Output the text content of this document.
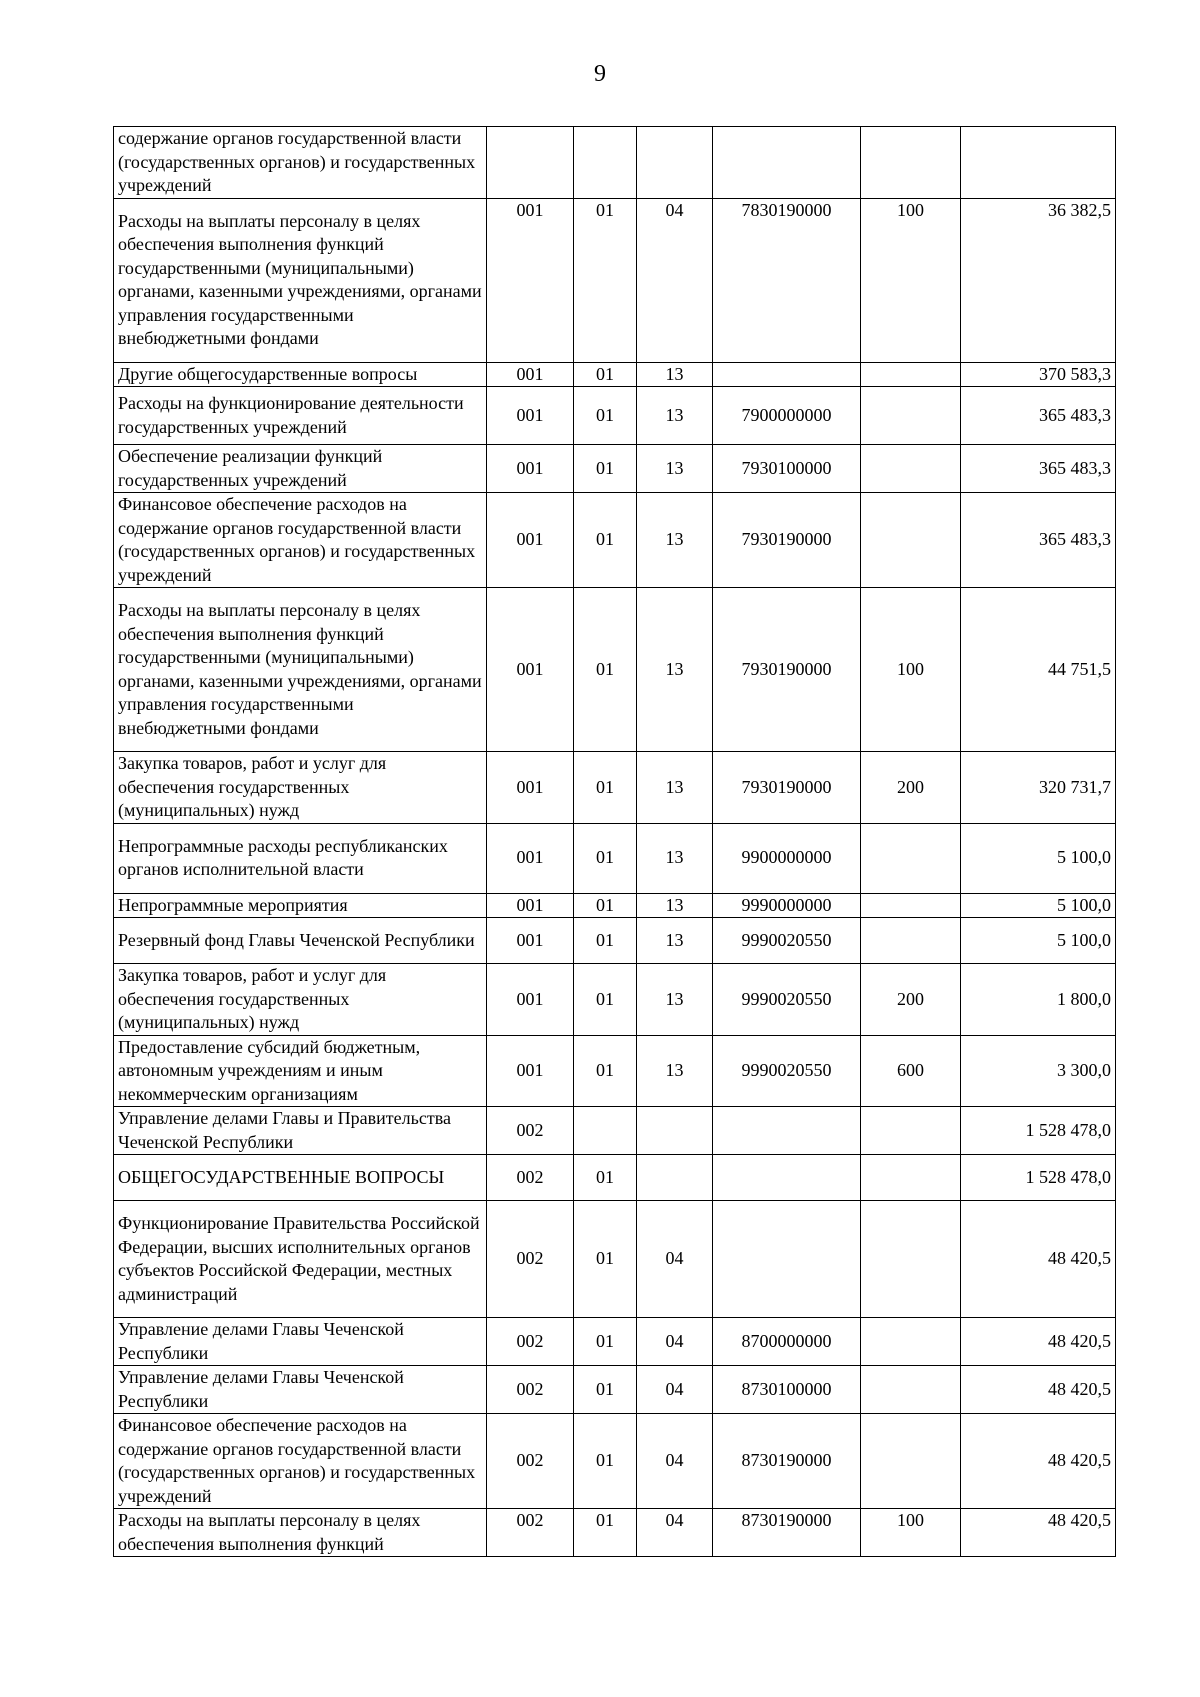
9
содержание органов государственной власти (государственных органов) и государственных учреждений						
Расходы на выплаты персоналу в целях обеспечения выполнения функций государственными (муниципальными) органами, казенными учреждениями, органами управления государственными внебюджетными фондами	001	01	04	7830190000	100	36 382,5
Другие общегосударственные вопросы	001	01	13			370 583,3
Расходы на функционирование деятельности государственных учреждений	001	01	13	7900000000		365 483,3
Обеспечение реализации функций государственных учреждений	001	01	13	7930100000		365 483,3
Финансовое обеспечение расходов на содержание органов государственной власти (государственных органов) и государственных учреждений	001	01	13	7930190000		365 483,3
Расходы на выплаты персоналу в целях обеспечения выполнения функций государственными (муниципальными) органами, казенными учреждениями, органами управления государственными внебюджетными фондами	001	01	13	7930190000	100	44 751,5
Закупка товаров, работ и услуг для обеспечения государственных (муниципальных) нужд	001	01	13	7930190000	200	320 731,7
Непрограммные расходы республиканских органов исполнительной власти	001	01	13	9900000000		5 100,0
Непрограммные мероприятия	001	01	13	9990000000		5 100,0
Резервный фонд Главы Чеченской Республики	001	01	13	9990020550		5 100,0
Закупка товаров, работ и услуг для обеспечения государственных (муниципальных) нужд	001	01	13	9990020550	200	1 800,0
Предоставление субсидий бюджетным, автономным учреждениям и иным некоммерческим организациям	001	01	13	9990020550	600	3 300,0
Управление делами Главы и Правительства Чеченской Республики	002					1 528 478,0
ОБЩЕГОСУДАРСТВЕННЫЕ ВОПРОСЫ	002	01				1 528 478,0
Функционирование Правительства Российской Федерации, высших исполнительных органов субъектов Российской Федерации, местных администраций	002	01	04			48 420,5
Управление делами Главы Чеченской Республики	002	01	04	8700000000		48 420,5
Управление делами Главы Чеченской Республики	002	01	04	8730100000		48 420,5
Финансовое обеспечение расходов на содержание органов государственной власти (государственных органов) и государственных учреждений	002	01	04	8730190000		48 420,5
Расходы на выплаты персоналу в целях обеспечения выполнения функций	002	01	04	8730190000	100	48 420,5
